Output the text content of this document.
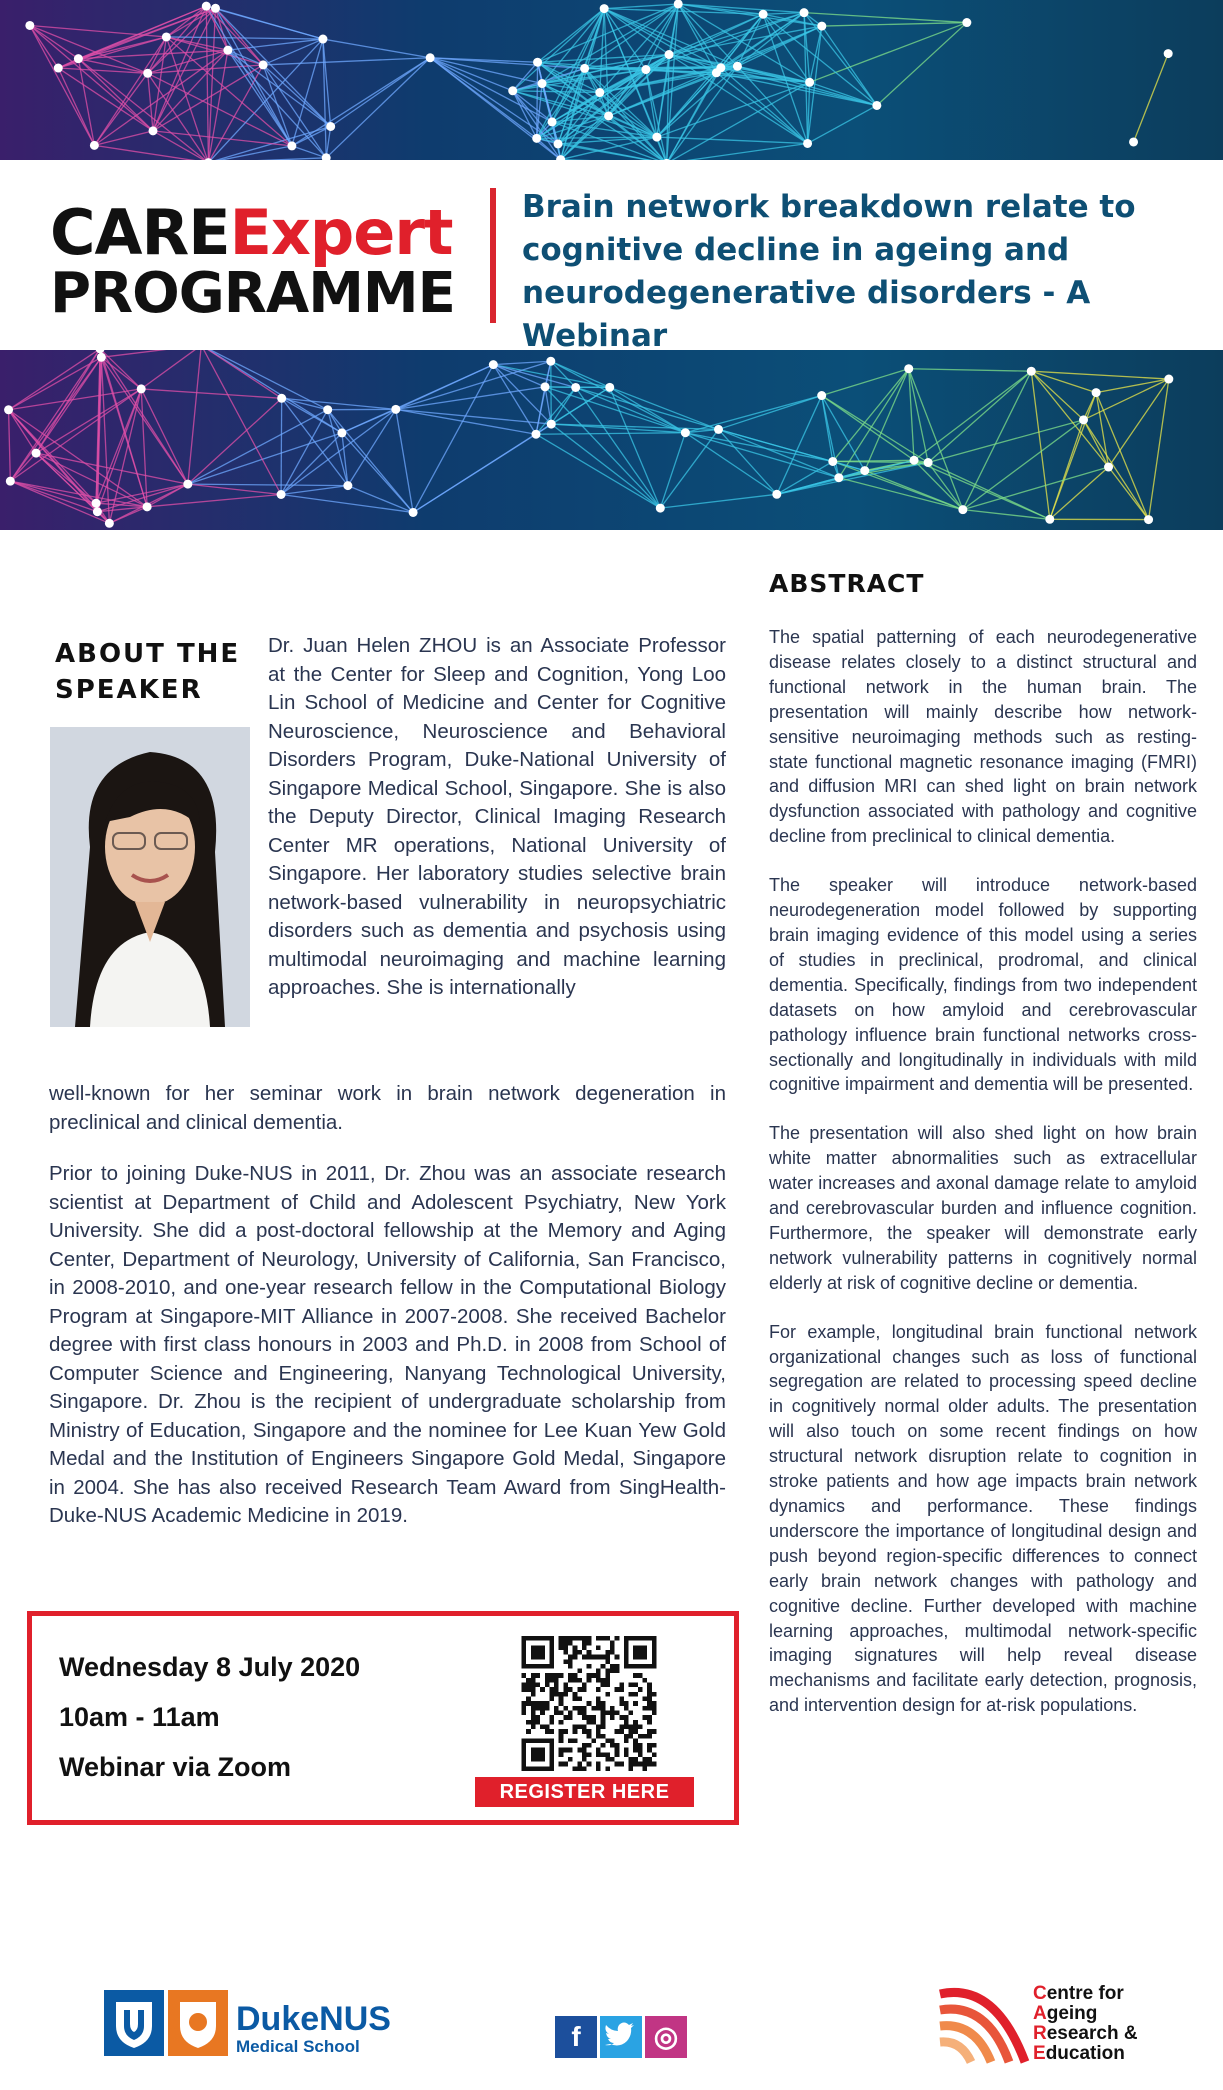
CAREExpert
PROGRAMME
Brain network breakdown relate to
cognitive decline in ageing and
neurodegenerative disorders - A Webinar
ABOUT THE
SPEAKER
Dr. Juan Helen ZHOU is an Associate Professor at the Center for Sleep and Cognition, Yong Loo Lin School of Medicine and Center for Cognitive Neuroscience, Neuroscience and Behavioral Disorders Program, Duke-National University of Singapore Medical School, Singapore. She is also the Deputy Director, Clinical Imaging Research Center MR operations, National University of Singapore. Her laboratory studies selective brain network-based vulnerability in neuropsychiatric disorders such as dementia and psychosis using multimodal neuroimaging and machine learning approaches. She is internationally

well-known for her seminar work in brain network degeneration in preclinical and clinical dementia.

Prior to joining Duke-NUS in 2011, Dr. Zhou was an associate research scientist at Department of Child and Adolescent Psychiatry, New York University. She did a post-doctoral fellowship at the Memory and Aging Center, Department of Neurology, University of California, San Francisco, in 2008-2010, and one-year research fellow in the Computational Biology Program at Singapore-MIT Alliance in 2007-2008. She received Bachelor degree with first class honours in 2003 and Ph.D. in 2008 from School of Computer Science and Engineering, Nanyang Technological University, Singapore. Dr. Zhou is the recipient of undergraduate scholarship from Ministry of Education, Singapore and the nominee for Lee Kuan Yew Gold Medal and the Institution of Engineers Singapore Gold Medal, Singapore in 2004. She has also received Research Team Award from SingHealth-Duke-NUS Academic Medicine in 2019.

ABSTRACT

The spatial patterning of each neurodegenerative disease relates closely to a distinct structural and functional network in the human brain. The presentation will mainly describe how network-sensitive neuroimaging methods such as resting-state functional magnetic resonance imaging (FMRI) and diffusion MRI can shed light on brain network dysfunction associated with pathology and cognitive decline from preclinical to clinical dementia.

The speaker will introduce network-based neurodegeneration model followed by supporting brain imaging evidence of this model using a series of studies in preclinical, prodromal, and clinical dementia. Specifically, findings from two independent datasets on how amyloid and cerebrovascular pathology influence brain functional networks cross-sectionally and longitudinally in individuals with mild cognitive impairment and dementia will be presented.

The presentation will also shed light on how brain white matter abnormalities such as extracellular water increases and axonal damage relate to amyloid and cerebrovascular burden and influence cognition. Furthermore, the speaker will demonstrate early network vulnerability patterns in cognitively normal elderly at risk of cognitive decline or dementia.

For example, longitudinal brain functional network organizational changes such as loss of functional segregation are related to processing speed decline in cognitively normal older adults. The presentation will also touch on some recent findings on how structural network disruption relate to cognition in stroke patients and how age impacts brain network dynamics and performance. These findings underscore the importance of longitudinal design and push beyond region-specific differences to connect early brain network changes with pathology and cognitive decline. Further developed with machine learning approaches, multimodal network-specific imaging signatures will help reveal disease mechanisms and facilitate early detection, prognosis, and intervention design for at-risk populations.

Wednesday 8 July 2020
10am - 11am
Webinar via Zoom
REGISTER HERE
DukeNUS
Medical School	f	◎
Centre for
Ageing
Research &
Education
